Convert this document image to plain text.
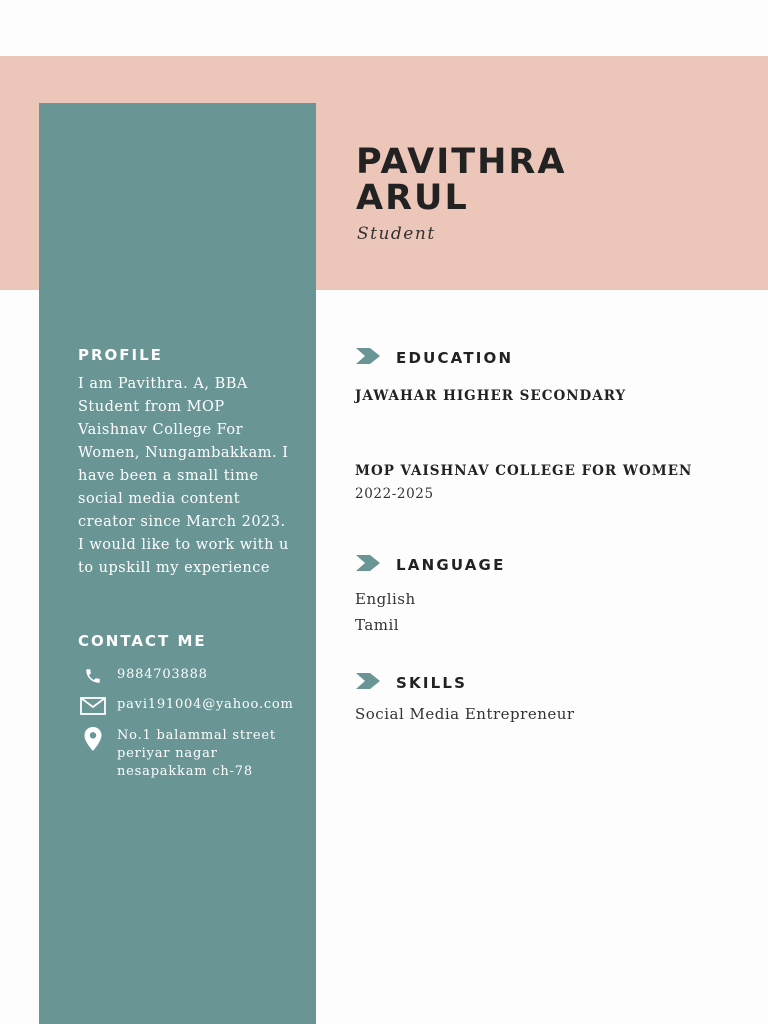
PAVITHRA
ARUL
Student
PROFILE
I am Pavithra. A, BBA Student from MOP Vaishnav College For Women, Nungambakkam. I have been a small time social media content creator since March 2023. I would like to work with u to upskill my experience
CONTACT ME
9884703888
pavi191004@yahoo.com
No.1 balammal street periyar nagar nesapakkam ch-78
EDUCATION
JAWAHAR HIGHER SECONDARY
MOP VAISHNAV COLLEGE FOR WOMEN
2022-2025
LANGUAGE
English
Tamil
SKILLS
Social Media Entrepreneur
